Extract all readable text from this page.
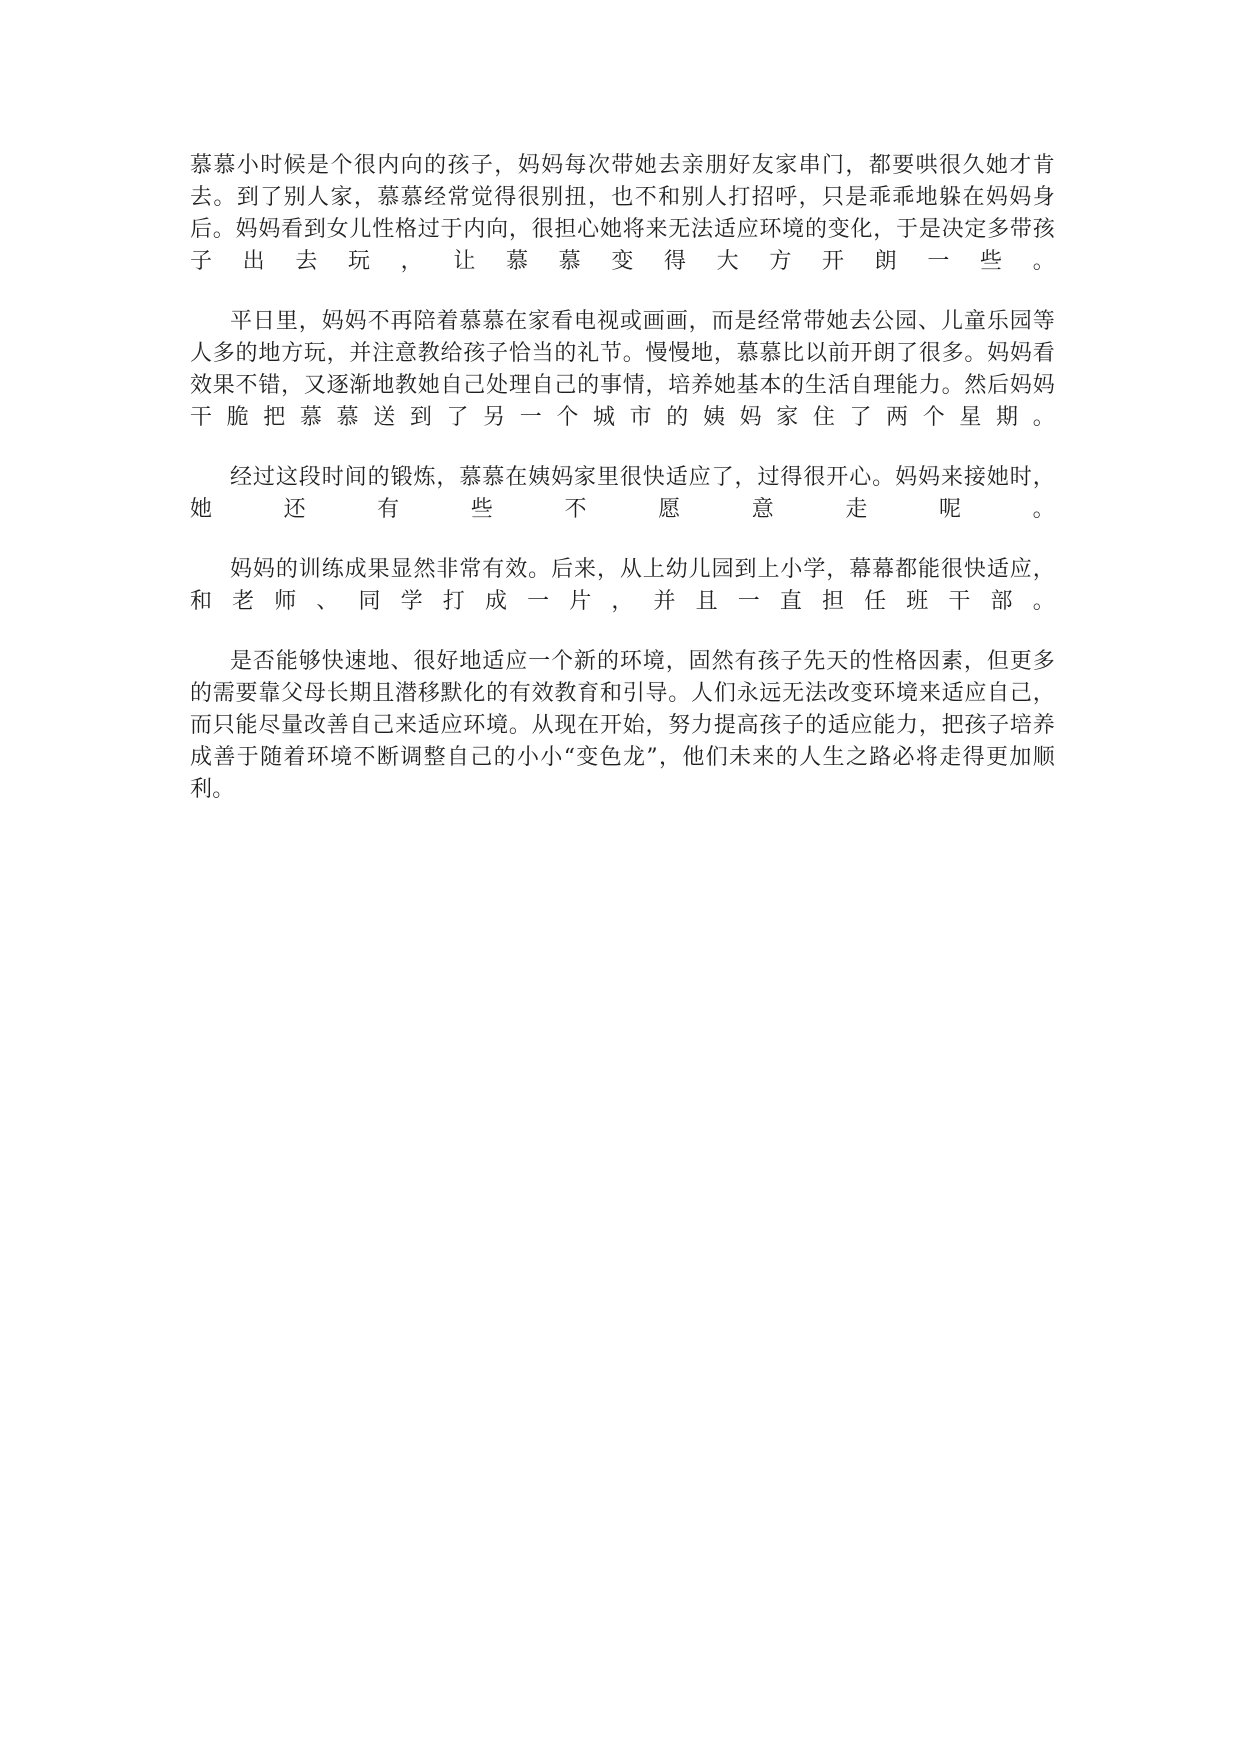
慕慕小时候是个很内向的孩子，妈妈每次带她去亲朋好友家串门，都要哄很久她才肯去。到了别人家，慕慕经常觉得很别扭，也不和别人打招呼，只是乖乖地躲在妈妈身后。妈妈看到女儿性格过于内向，很担心她将来无法适应环境的变化，于是决定多带孩子出去玩，让慕慕变得大方开朗一些。

平日里，妈妈不再陪着慕慕在家看电视或画画，而是经常带她去公园、儿童乐园等人多的地方玩，并注意教给孩子恰当的礼节。慢慢地，慕慕比以前开朗了很多。妈妈看效果不错，又逐渐地教她自己处理自己的事情，培养她基本的生活自理能力。然后妈妈干脆把慕慕送到了另一个城市的姨妈家住了两个星期。

经过这段时间的锻炼，慕慕在姨妈家里很快适应了，过得很开心。妈妈来接她时，她还有些不愿意走呢。

妈妈的训练成果显然非常有效。后来，从上幼儿园到上小学，幕幕都能很快适应，和老师、同学打成一片，并且一直担任班干部。

是否能够快速地、很好地适应一个新的环境，固然有孩子先天的性格因素，但更多的需要靠父母长期且潜移默化的有效教育和引导。人们永远无法改变环境来适应自己，而只能尽量改善自己来适应环境。从现在开始，努力提高孩子的适应能力，把孩子培养成善于随着环境不断调整自己的小小“变色龙”，他们未来的人生之路必将走得更加顺利。
